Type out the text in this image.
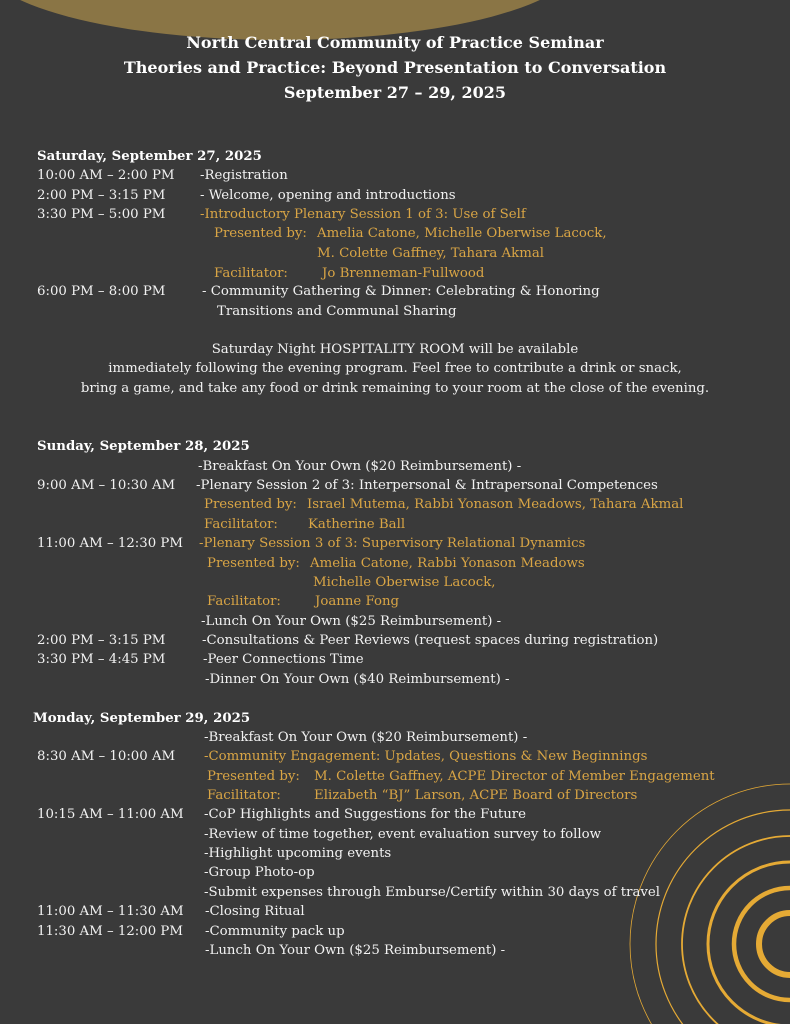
North Central Community of Practice Seminar
Theories and Practice: Beyond Presentation to Conversation
September 27 – 29, 2025
Saturday, September 27, 2025
10:00 AM – 2:00 PM -Registration
2:00 PM – 3:15 PM	- Welcome, opening and introductions
3:30 PM – 5:00 PM	-Introductory Plenary Session 1 of 3: Use of Self
Presented by: Amelia Catone, Michelle Oberwise Lacock,
M. Colette Gaffney, Tahara Akmal
Facilitator:	Jo Brenneman-Fullwood
6:00 PM – 8:00 PM	- Community Gathering & Dinner: Celebrating & Honoring
Transitions and Communal Sharing
Saturday Night HOSPITALITY ROOM will be available
immediately following the evening program. Feel free to contribute a drink or snack,
bring a game, and take any food or drink remaining to your room at the close of the evening.
Sunday, September 28, 2025
-Breakfast On Your Own ($20 Reimbursement) -
9:00 AM – 10:30 AM -Plenary Session 2 of 3: Interpersonal & Intrapersonal Competences
Presented by: Israel Mutema, Rabbi Yonason Meadows, Tahara Akmal
Facilitator: Katherine Ball
11:00 AM – 12:30 PM -Plenary Session 3 of 3: Supervisory Relational Dynamics
Presented by: Amelia Catone, Rabbi Yonason Meadows
Michelle Oberwise Lacock,
Facilitator:	Joanne Fong
-Lunch On Your Own ($25 Reimbursement) -
2:00 PM – 3:15 PM	-Consultations & Peer Reviews (request spaces during registration)
3:30 PM – 4:45 PM	-Peer Connections Time
-Dinner On Your Own ($40 Reimbursement) -
Monday, September 29, 2025
-Breakfast On Your Own ($20 Reimbursement) -
8:30 AM – 10:00 AM -Community Engagement: Updates, Questions & New Beginnings
Presented by: M. Colette Gaffney, ACPE Director of Member Engagement
Facilitator: Elizabeth “BJ” Larson, ACPE Board of Directors
10:15 AM – 11:00 AM -CoP Highlights and Suggestions for the Future
-Review of time together, event evaluation survey to follow
-Highlight upcoming events
-Group Photo-op
-Submit expenses through Emburse/Certify within 30 days of travel
11:00 AM – 11:30 AM -Closing Ritual
11:30 AM – 12:00 PM -Community pack up
-Lunch On Your Own ($25 Reimbursement) -
